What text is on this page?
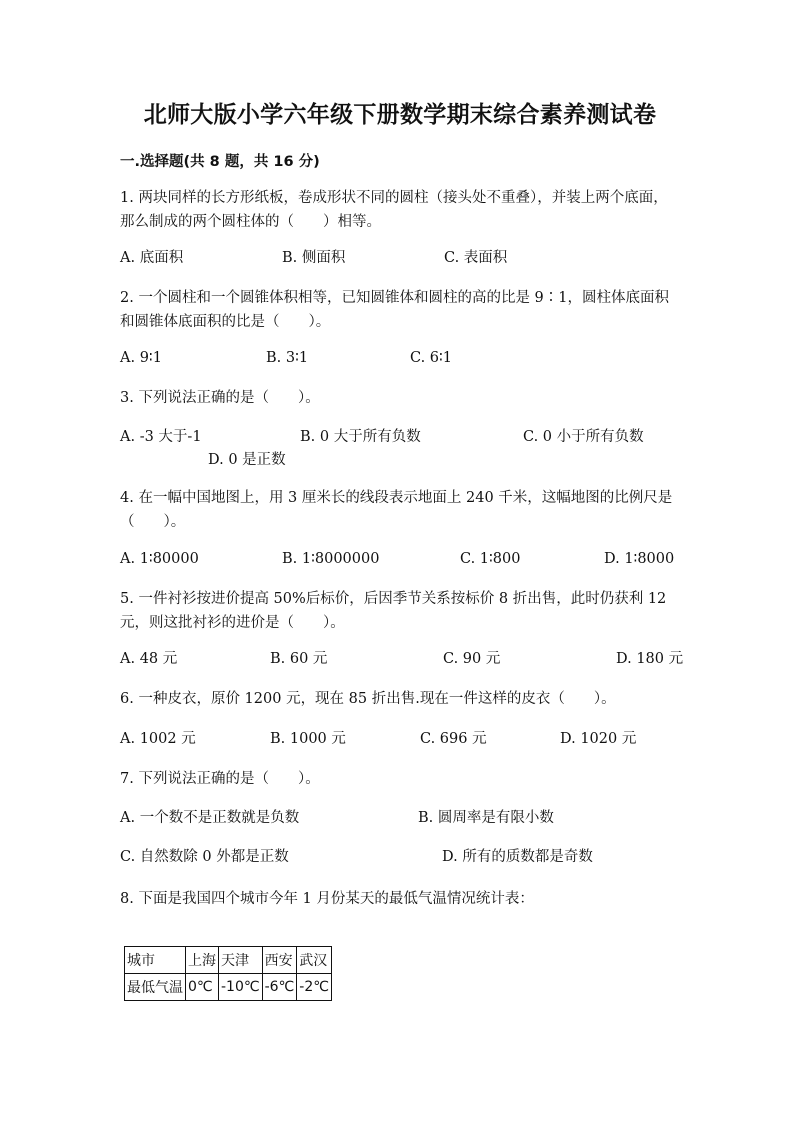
北师大版小学六年级下册数学期末综合素养测试卷
一.选择题(共 8 题，共 16 分)
1. 两块同样的长方形纸板，卷成形状不同的圆柱（接头处不重叠），并装上两个底面，那么制成的两个圆柱体的（　　）相等。
A. 底面积	B. 侧面积	C. 表面积
2. 一个圆柱和一个圆锥体积相等，已知圆锥体和圆柱的高的比是 9∶1，圆柱体底面积和圆锥体底面积的比是（　　）。
A. 9∶1	B. 3∶1	C. 6∶1
3. 下列说法正确的是（　　）。
A. -3 大于-1	B. 0 大于所有负数	C. 0 小于所有负数
D. 0 是正数
4. 在一幅中国地图上，用 3 厘米长的线段表示地面上 240 千米，这幅地图的比例尺是（　　）。
A. 1∶80000	B. 1∶8000000	C. 1∶800	D. 1∶8000
5. 一件衬衫按进价提高 50%后标价，后因季节关系按标价 8 折出售，此时仍获利 12 元，则这批衬衫的进价是（　　）。
A. 48 元	B. 60 元	C. 90 元	D. 180 元
6. 一种皮衣，原价 1200 元，现在 85 折出售.现在一件这样的皮衣（　　）。
A. 1002 元	B. 1000 元	C. 696 元	D. 1020 元
7. 下列说法正确的是（　　）。
A. 一个数不是正数就是负数	B. 圆周率是有限小数
C. 自然数除 0 外都是正数	D. 所有的质数都是奇数
8. 下面是我国四个城市今年 1 月份某天的最低气温情况统计表：
城市	上海	天津	西安	武汉
最低气温	0℃	-10℃	-6℃	-2℃
